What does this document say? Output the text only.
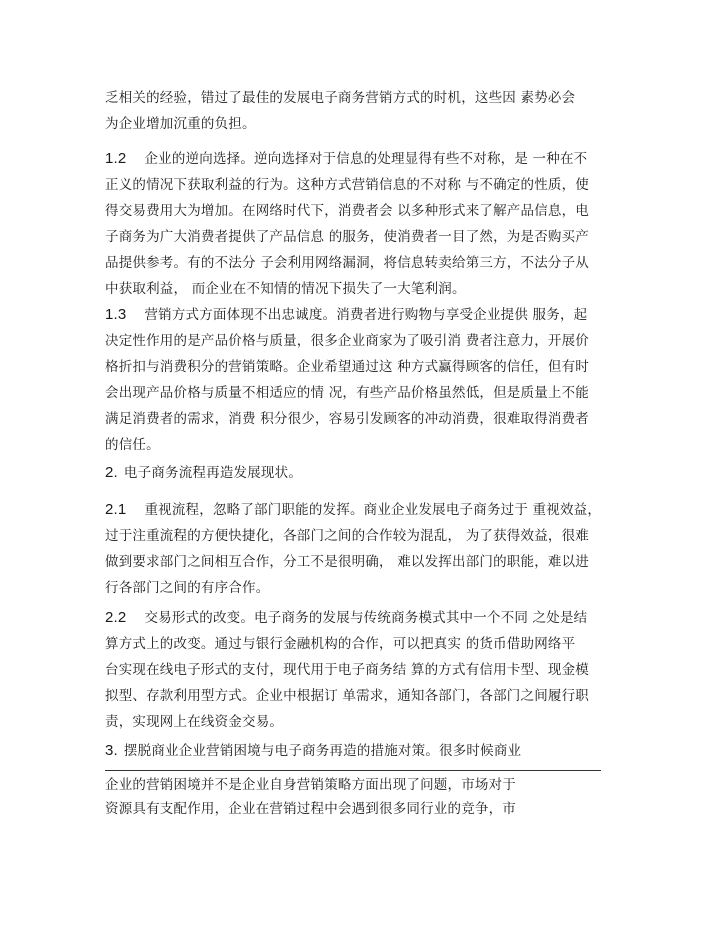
乏相关的经验，错过了最佳的发展电子商务营销方式的时机，这些因 素势必会
为企业增加沉重的负担。
1.2 企业的逆向选择。逆向选择对于信息的处理显得有些不对称，是 一种在不
正义的情况下获取利益的行为。这种方式营销信息的不对称 与不确定的性质，使
得交易费用大为增加。在网络时代下，消费者会 以多种形式来了解产品信息，电
子商务为广大消费者提供了产品信息 的服务，使消费者一目了然，为是否购买产
品提供参考。有的不法分 子会利用网络漏洞，将信息转卖给第三方，不法分子从
中获取利益， 而企业在不知情的情况下损失了一大笔利润。
1.3 营销方式方面体现不出忠诚度。消费者进行购物与享受企业提供 服务，起
决定性作用的是产品价格与质量，很多企业商家为了吸引消 费者注意力，开展价
格折扣与消费积分的营销策略。企业希望通过这 种方式赢得顾客的信任，但有时
会出现产品价格与质量不相适应的情 况，有些产品价格虽然低，但是质量上不能
满足消费者的需求，消费 积分很少，容易引发顾客的冲动消费，很难取得消费者
的信任。
2. 电子商务流程再造发展现状。
2.1 重视流程，忽略了部门职能的发挥。商业企业发展电子商务过于 重视效益，
过于注重流程的方便快捷化，各部门之间的合作较为混乱， 为了获得效益，很难
做到要求部门之间相互合作，分工不是很明确， 难以发挥出部门的职能，难以进
行各部门之间的有序合作。
2.2 交易形式的改变。电子商务的发展与传统商务模式其中一个不同 之处是结
算方式上的改变。通过与银行金融机构的合作，可以把真实 的货币借助网络平
台实现在线电子形式的支付，现代用于电子商务结 算的方式有信用卡型、现金模
拟型、存款利用型方式。企业中根据订 单需求，通知各部门，各部门之间履行职
责，实现网上在线资金交易。
3. 摆脱商业企业营销困境与电子商务再造的措施对策。很多时候商业
企业的营销困境并不是企业自身营销策略方面出现了问题，市场对于
资源具有支配作用，企业在营销过程中会遇到很多同行业的竞争，市
